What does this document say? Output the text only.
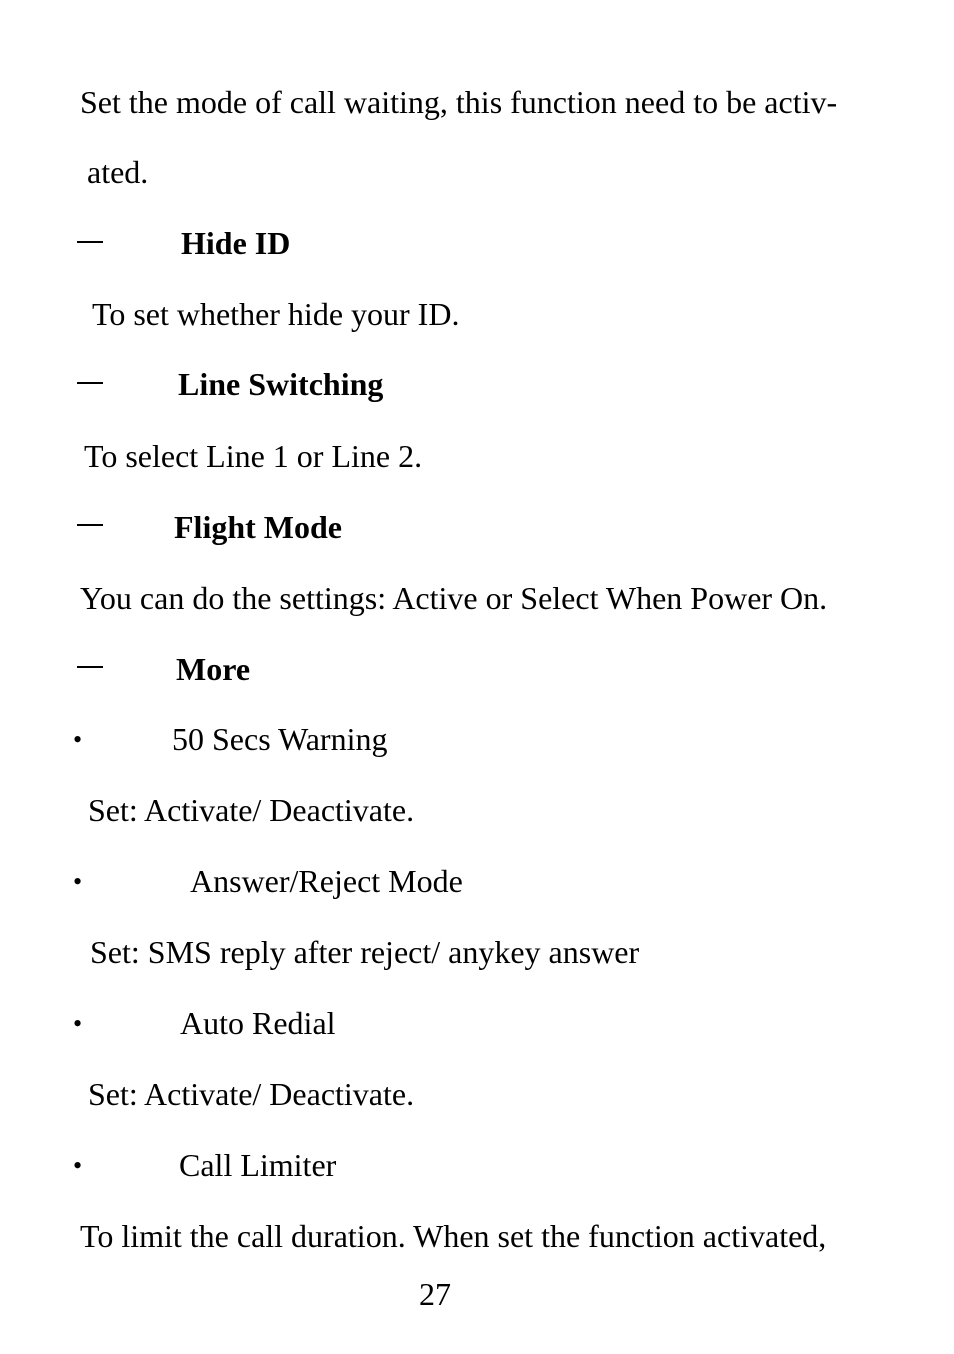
Set the mode of call waiting, this function need to be activ-
ated.
Hide ID
To set whether hide your ID.
Line Switching
To select Line 1 or Line 2.
Flight Mode
You can do the settings: Active or Select When Power On.
More
•	50 Secs Warning
Set: Activate/ Deactivate.
•	Answer/Reject Mode
Set: SMS reply after reject/ anykey answer
•	Auto Redial
Set: Activate/ Deactivate.
•	Call Limiter
To limit the call duration. When set the function activated,
27
